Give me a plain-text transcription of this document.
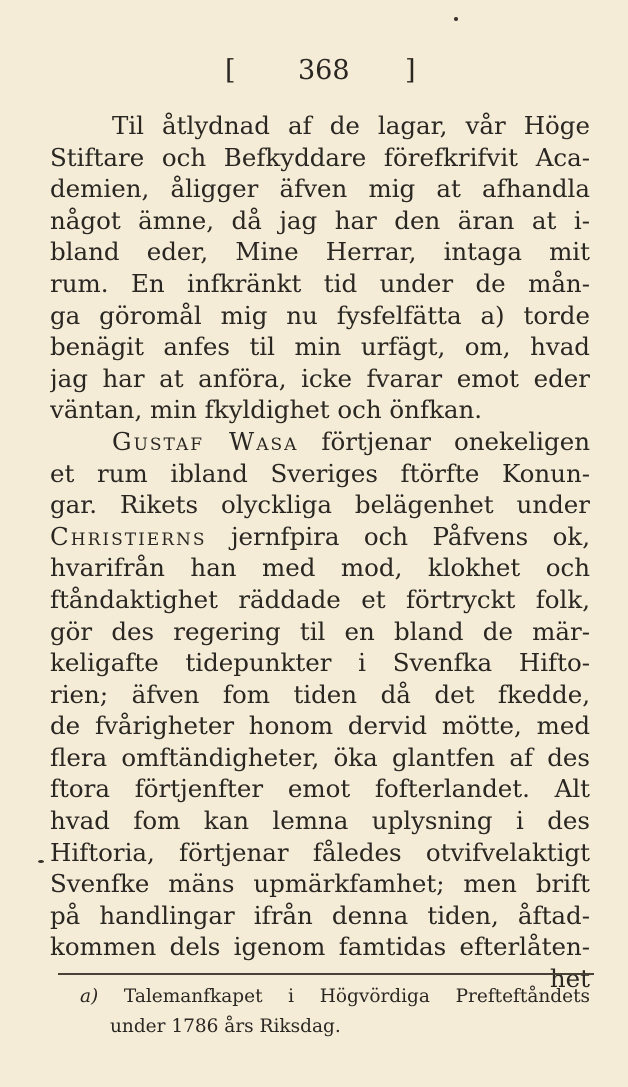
[ 368 ]
Til åtlydnad af de lagar, vår Höge
Stiftare och Befkyddare förefkrifvit Aca-
demien, åligger äfven mig at afhandla
något ämne, då jag har den äran at i-
bland eder, Mine Herrar, intaga mit
rum. En infkränkt tid under de mån-
ga göromål mig nu fysfelfätta a) torde
benägit anfes til min urfägt, om, hvad
jag har at anföra, icke fvarar emot eder
väntan, min fkyldighet och önfkan.
Gustaf Wasa förtjenar onekeligen
et rum ibland Sveriges ftörfte Konun-
gar. Rikets olyckliga belägenhet under
Christierns jernfpira och Påfvens ok,
hvarifrån han med mod, klokhet och
ftåndaktighet räddade et förtryckt folk,
gör des regering til en bland de mär-
keligafte tidepunkter i Svenfka Hifto-
rien; äfven fom tiden då det fkedde,
de fvårigheter honom dervid mötte, med
flera omftändigheter, öka glantfen af des
ftora förtjenfter emot fofterlandet. Alt
hvad fom kan lemna uplysning i des
Hiftoria, förtjenar fåledes otvifvelaktigt
Svenfke mäns upmärkfamhet; men brift
på handlingar ifrån denna tiden, åftad-
kommen dels igenom famtidas efterlåten-
het
a) Talemanfkapet i Högvördiga Prefteftåndets
under 1786 års Riksdag.
